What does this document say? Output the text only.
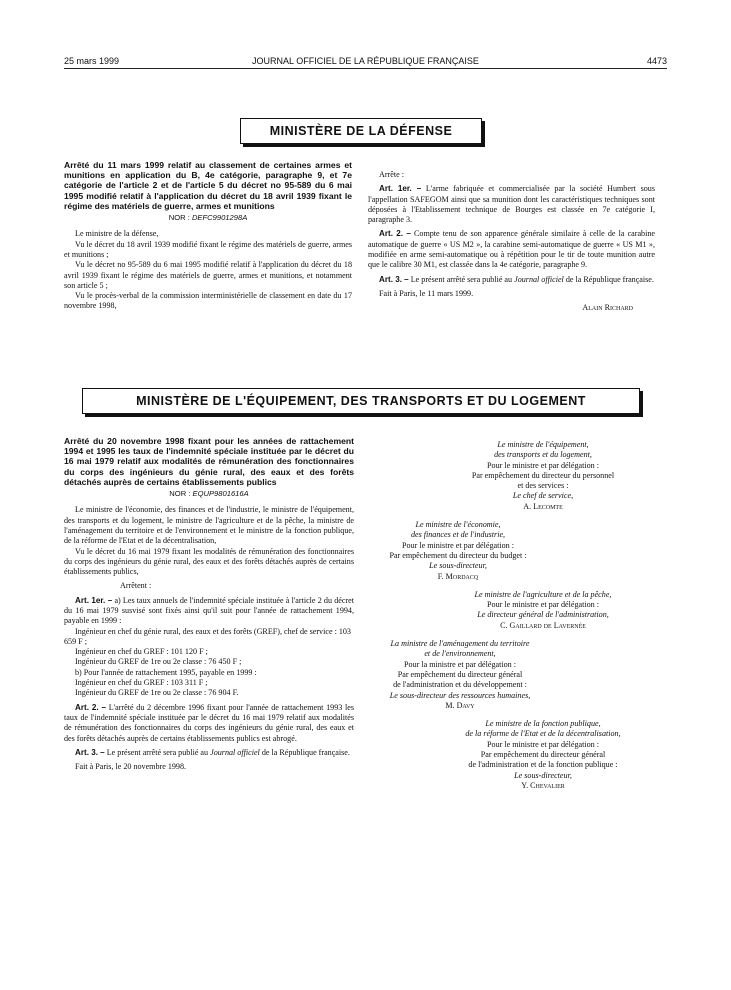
25 mars 1999	JOURNAL OFFICIEL DE LA RÉPUBLIQUE FRANÇAISE	4473
MINISTÈRE DE LA DÉFENSE

Arrêté du 11 mars 1999 relatif au classement de certaines armes et munitions en application du B, 4e catégorie, paragraphe 9, et 7e catégorie de l'article 2 et de l'article 5 du décret no 95-589 du 6 mai 1995 modifié relatif à l'application du décret du 18 avril 1939 fixant le régime des matériels de guerre, armes et munitions

NOR : DEFC9901298A

Le ministre de la défense,

Vu le décret du 18 avril 1939 modifié fixant le régime des matériels de guerre, armes et munitions ;

Vu le décret no 95-589 du 6 mai 1995 modifié relatif à l'application du décret du 18 avril 1939 fixant le régime des matériels de guerre, armes et munitions, et notamment son article 5 ;

Vu le procès-verbal de la commission interministérielle de classement en date du 17 novembre 1998,

Arrête :

Art. 1er. – L'arme fabriquée et commercialisée par la société Humbert sous l'appellation SAFEGOM ainsi que sa munition dont les caractéristiques techniques sont déposées à l'Etablissement technique de Bourges est classée en 7e catégorie I, paragraphe 3.

Art. 2. – Compte tenu de son apparence générale similaire à celle de la carabine automatique de guerre « US M2 », la carabine semi-automatique de guerre « US M1 », modifiée en arme semi-automatique ou à répétition pour le tir de toute munition autre que le calibre 30 M1, est classée dans la 4e catégorie, paragraphe 9.

Art. 3. – Le présent arrêté sera publié au Journal officiel de la République française.

Fait à Paris, le 11 mars 1999.

Alain Richard

MINISTÈRE DE L'ÉQUIPEMENT, DES TRANSPORTS ET DU LOGEMENT

Arrêté du 20 novembre 1998 fixant pour les années de rattachement 1994 et 1995 les taux de l'indemnité spéciale instituée par le décret du 16 mai 1979 relatif aux modalités de rémunération des fonctionnaires du corps des ingénieurs du génie rural, des eaux et des forêts détachés auprès de certains établissements publics

NOR : EQUP9801616A

Le ministre de l'économie, des finances et de l'industrie, le ministre de l'équipement, des transports et du logement, le ministre de l'agriculture et de la pêche, la ministre de l'aménagement du territoire et de l'environnement et le ministre de la fonction publique, de la réforme de l'Etat et de la décentralisation,

Vu le décret du 16 mai 1979 fixant les modalités de rémunération des fonctionnaires du corps des ingénieurs du génie rural, des eaux et des forêts détachés auprès de certains établissements publics,

Arrêtent :

Art. 1er. – a) Les taux annuels de l'indemnité spéciale instituée à l'article 2 du décret du 16 mai 1979 susvisé sont fixés ainsi qu'il suit pour l'année de rattachement 1994, payable en 1999 :

Ingénieur en chef du génie rural, des eaux et des forêts (GREF), chef de service : 103 659 F ;

Ingénieur en chef du GREF : 101 120 F ;

Ingénieur du GREF de 1re ou 2e classe : 76 450 F ;

b) Pour l'année de rattachement 1995, payable en 1999 :

Ingénieur en chef du GREF : 103 311 F ;

Ingénieur du GREF de 1re ou 2e classe : 76 904 F.

Art. 2. – L'arrêté du 2 décembre 1996 fixant pour l'année de rattachement 1993 les taux de l'indemnité spéciale instituée par le décret du 16 mai 1979 relatif aux modalités de rémunération des fonctionnaires du corps des ingénieurs du génie rural, des eaux et des forêts détachés auprès de certains établissements publics est abrogé.

Art. 3. – Le présent arrêté sera publié au Journal officiel de la République française.

Fait à Paris, le 20 novembre 1998.

Le ministre de l'équipement,

des transports et du logement,

Pour le ministre et par délégation :

Par empêchement du directeur du personnel

et des services :

Le chef de service,

A. Lecomte

Le ministre de l'économie,

des finances et de l'industrie,

Pour le ministre et par délégation :

Par empêchement du directeur du budget :

Le sous-directeur,

F. Mordacq

Le ministre de l'agriculture et de la pêche,

Pour le ministre et par délégation :

Le directeur général de l'administration,

C. Gaillard de Lavernée

La ministre de l'aménagement du territoire

et de l'environnement,

Pour la ministre et par délégation :

Par empêchement du directeur général

de l'administration et du développement :

Le sous-directeur des ressources humaines,

M. Davy

Le ministre de la fonction publique,

de la réforme de l'Etat et de la décentralisation,

Pour le ministre et par délégation :

Par empêchement du directeur général

de l'administration et de la fonction publique :

Le sous-directeur,

Y. Chevalier
